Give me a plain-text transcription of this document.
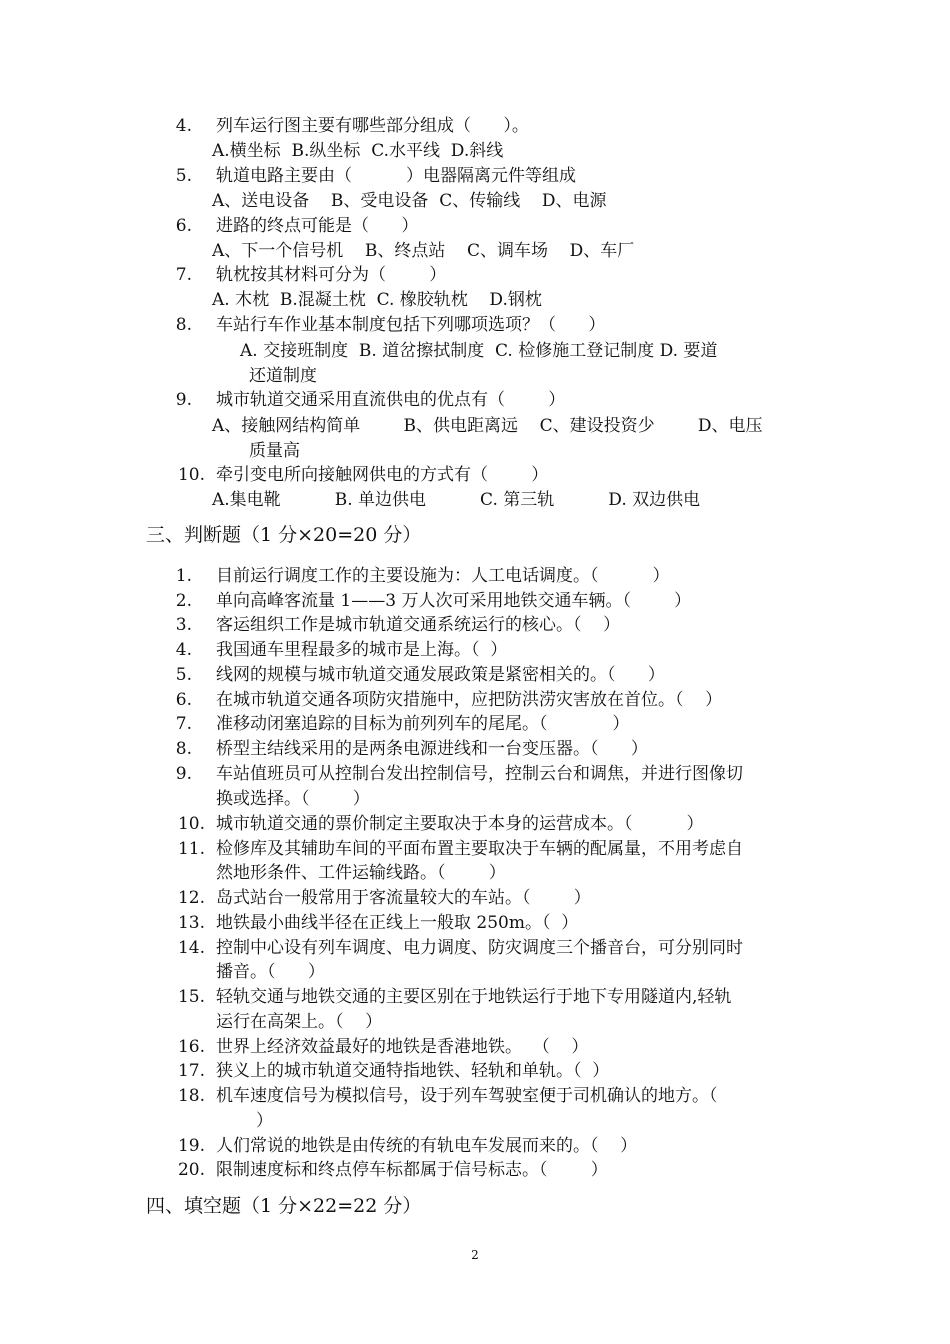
4. 列车运行图主要有哪些部分组成（      ）。
A.横坐标  B.纵坐标  C.水平线  D.斜线
5. 轨道电路主要由（          ）电器隔离元件等组成
A、送电设备    B、受电设备  C、传输线    D、电源
6. 进路的终点可能是（      ）
A、下一个信号机    B、终点站    C、调车场    D、车厂
7. 轨枕按其材料可分为（        ）
A. 木枕  B.混凝土枕  C. 橡胶轨枕    D.钢枕
8. 车站行车作业基本制度包括下列哪项选项？（      ）
A. 交接班制度  B. 道岔擦拭制度  C. 检修施工登记制度 D. 要道
还道制度
9. 城市轨道交通采用直流供电的优点有（        ）
A、接触网结构简单        B、供电距离远    C、建设投资少        D、电压
质量高
10. 牵引变电所向接触网供电的方式有（        ）
A.集电靴          B. 单边供电          C. 第三轨          D. 双边供电
三、判断题（1 分×20=20 分）
1. 目前运行调度工作的主要设施为：人工电话调度。（          ）
2. 单向高峰客流量 1——3 万人次可采用地铁交通车辆。（        ）
3. 客运组织工作是城市轨道交通系统运行的核心。（    ）
4. 我国通车里程最多的城市是上海。（  ）
5. 线网的规模与城市轨道交通发展政策是紧密相关的。（      ）
6. 在城市轨道交通各项防灾措施中，应把防洪涝灾害放在首位。（    ）
7. 准移动闭塞追踪的目标为前列列车的尾尾。（            ）
8. 桥型主结线采用的是两条电源进线和一台变压器。（      ）
9. 车站值班员可从控制台发出控制信号，控制云台和调焦，并进行图像切
换或选择。（        ）
10. 城市轨道交通的票价制定主要取决于本身的运营成本。（          ）
11. 检修库及其辅助车间的平面布置主要取决于车辆的配属量，不用考虑自
然地形条件、工件运输线路。（        ）
12. 岛式站台一般常用于客流量较大的车站。（        ）
13. 地铁最小曲线半径在正线上一般取 250m。（  ）
14. 控制中心设有列车调度、电力调度、防灾调度三个播音台，可分别同时
播音。（      ）
15. 轻轨交通与地铁交通的主要区别在于地铁运行于地下专用隧道内,轻轨
运行在高架上。（    ）
16. 世界上经济效益最好的地铁是香港地铁。  （    ）
17. 狭义上的城市轨道交通特指地铁、轻轨和单轨。（  ）
18. 机车速度信号为模拟信号，设于列车驾驶室便于司机确认的地方。（
）
19. 人们常说的地铁是由传统的有轨电车发展而来的。（    ）
20. 限制速度标和终点停车标都属于信号标志。（        ）
四、填空题（1 分×22=22 分）
2
